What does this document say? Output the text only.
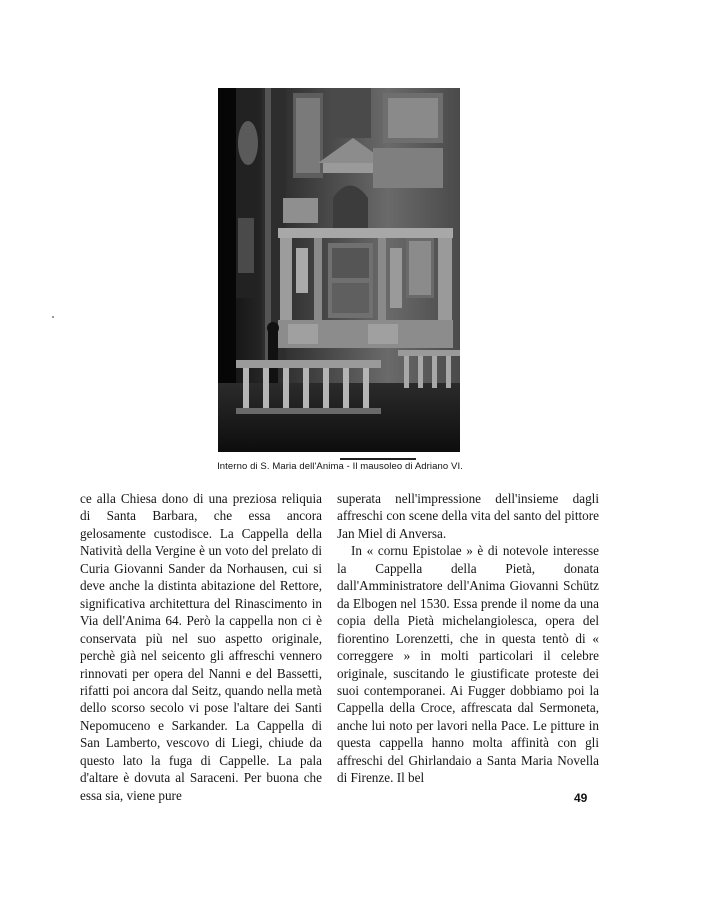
Interno di S. Maria dell'Anima - Il mausoleo di Adriano VI.

ce alla Chiesa dono di una preziosa reliquia di Santa Barbara, che essa ancora gelosamente custodisce. La Cappella della Natività della Vergine è un voto del prelato di Curia Giovanni Sander da Norhausen, cui si deve anche la distinta abitazione del Rettore, significativa architettura del Rinascimento in Via dell'Anima 64. Però la cappella non ci è conservata più nel suo aspetto originale, perchè già nel seicento gli affreschi vennero rinnovati per opera del Nanni e del Bassetti, rifatti poi ancora dal Seitz, quando nella metà dello scorso secolo vi pose l'altare dei Santi Nepomuceno e Sarkander. La Cappella di San Lamberto, vescovo di Liegi, chiude da questo lato la fuga di Cappelle. La pala d'altare è dovuta al Saraceni. Per buona che essa sia, viene pure

superata nell'impressione dell'insieme dagli affreschi con scene della vita del santo del pittore Jan Miel di Anversa.

In « cornu Epistolae » è di notevole interesse la Cappella della Pietà, donata dall'Amministratore dell'Anima Giovanni Schütz da Elbogen nel 1530. Essa prende il nome da una copia della Pietà michelangiolesca, opera del fiorentino Lorenzetti, che in questa tentò di « correggere » in molti particolari il celebre originale, suscitando le giustificate proteste dei suoi contemporanei. Ai Fugger dobbiamo poi la Cappella della Croce, affrescata dal Sermoneta, anche lui noto per lavori nella Pace. Le pitture in questa cappella hanno molta affinità con gli affreschi del Ghirlandaio a Santa Maria Novella di Firenze. Il bel

49
